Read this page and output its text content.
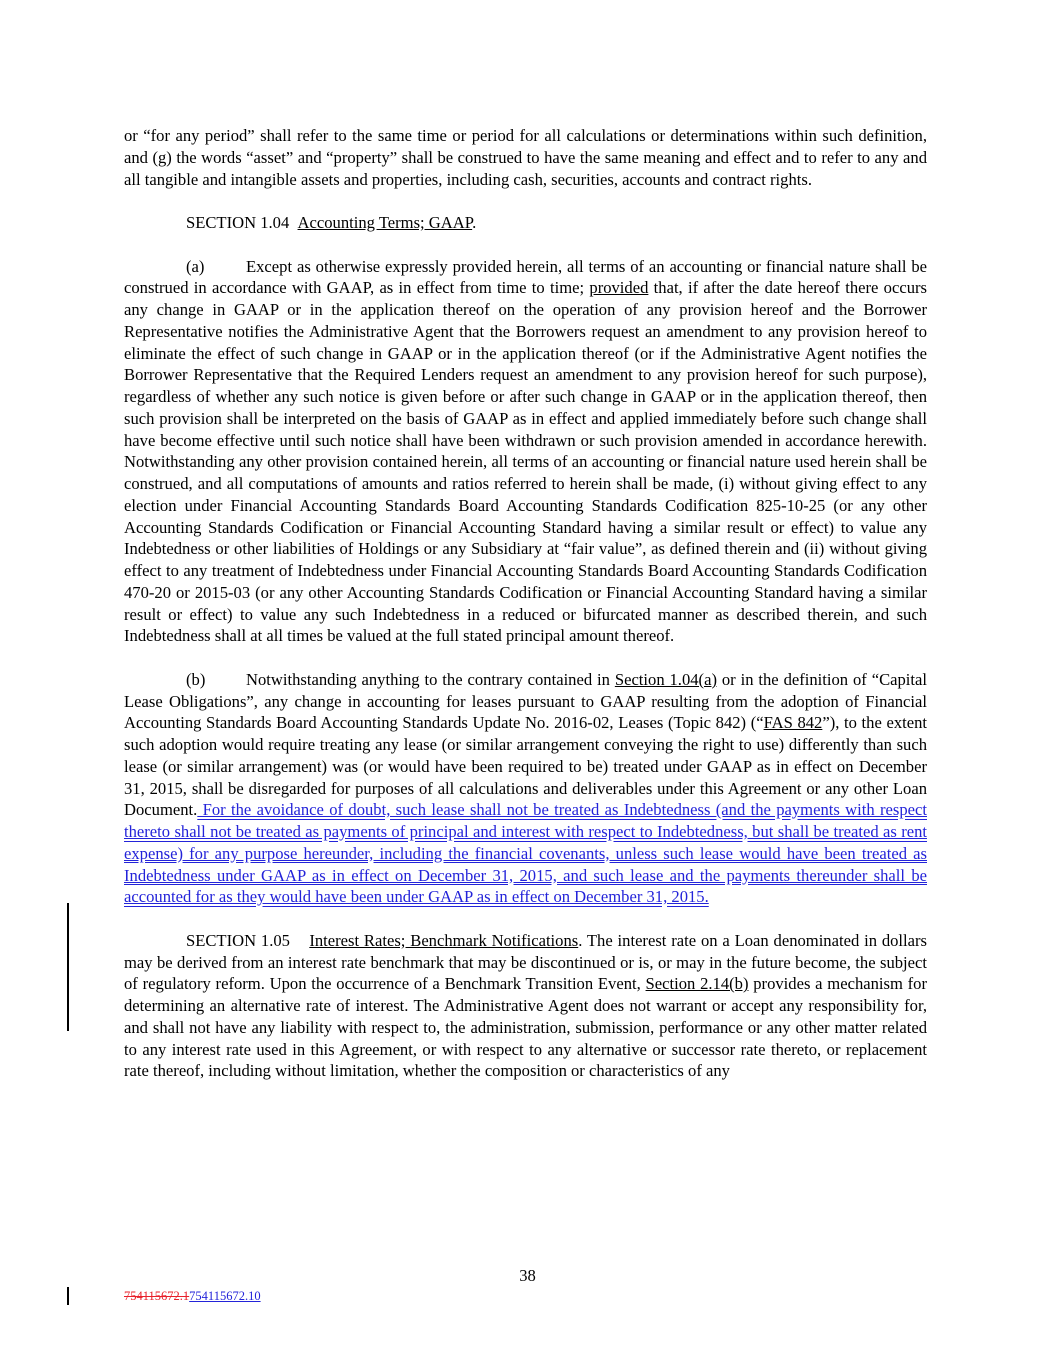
or “for any period” shall refer to the same time or period for all calculations or determinations within such definition, and (g) the words “asset” and “property” shall be construed to have the same meaning and effect and to refer to any and all tangible and intangible assets and properties, including cash, securities, accounts and contract rights.

SECTION 1.04 Accounting Terms; GAAP.

(a)	Except as otherwise expressly provided herein, all terms of an accounting or financial nature shall be construed in accordance with GAAP, as in effect from time to time; provided that, if after the date hereof there occurs any change in GAAP or in the application thereof on the operation of any provision hereof and the Borrower Representative notifies the Administrative Agent that the Borrowers request an amendment to any provision hereof to eliminate the effect of such change in GAAP or in the application thereof (or if the Administrative Agent notifies the Borrower Representative that the Required Lenders request an amendment to any provision hereof for such purpose), regardless of whether any such notice is given before or after such change in GAAP or in the application thereof, then such provision shall be interpreted on the basis of GAAP as in effect and applied immediately before such change shall have become effective until such notice shall have been withdrawn or such provision amended in accordance herewith. Notwithstanding any other provision contained herein, all terms of an accounting or financial nature used herein shall be construed, and all computations of amounts and ratios referred to herein shall be made, (i) without giving effect to any election under Financial Accounting Standards Board Accounting Standards Codification 825-10-25 (or any other Accounting Standards Codification or Financial Accounting Standard having a similar result or effect) to value any Indebtedness or other liabilities of Holdings or any Subsidiary at “fair value”, as defined therein and (ii) without giving effect to any treatment of Indebtedness under Financial Accounting Standards Board Accounting Standards Codification 470-20 or 2015-03 (or any other Accounting Standards Codification or Financial Accounting Standard having a similar result or effect) to value any such Indebtedness in a reduced or bifurcated manner as described therein, and such Indebtedness shall at all times be valued at the full stated principal amount thereof.

(b) Notwithstanding anything to the contrary contained in Section 1.04(a) or in the definition of “Capital Lease Obligations”, any change in accounting for leases pursuant to GAAP resulting from the adoption of Financial Accounting Standards Board Accounting Standards Update No. 2016-02, Leases (Topic 842) (“FAS 842”), to the extent such adoption would require treating any lease (or similar arrangement conveying the right to use) differently than such lease (or similar arrangement) was (or would have been required to be) treated under GAAP as in effect on December 31, 2015, shall be disregarded for purposes of all calculations and deliverables under this Agreement or any other Loan Document. For the avoidance of doubt, such lease shall not be treated as Indebtedness (and the payments with respect thereto shall not be treated as payments of principal and interest with respect to Indebtedness, but shall be treated as rent expense) for any purpose hereunder, including the financial covenants, unless such lease would have been treated as Indebtedness under GAAP as in effect on December 31, 2015, and such lease and the payments thereunder shall be accounted for as they would have been under GAAP as in effect on December 31, 2015.

SECTION 1.05 Interest Rates; Benchmark Notifications. The interest rate on a Loan denominated in dollars may be derived from an interest rate benchmark that may be discontinued or is, or may in the future become, the subject of regulatory reform. Upon the occurrence of a Benchmark Transition Event, Section 2.14(b) provides a mechanism for determining an alternative rate of interest. The Administrative Agent does not warrant or accept any responsibility for, and shall not have any liability with respect to, the administration, submission, performance or any other matter related to any interest rate used in this Agreement, or with respect to any alternative or successor rate thereto, or replacement rate thereof, including without limitation, whether the composition or characteristics of any

38
754115672.1754115672.10
